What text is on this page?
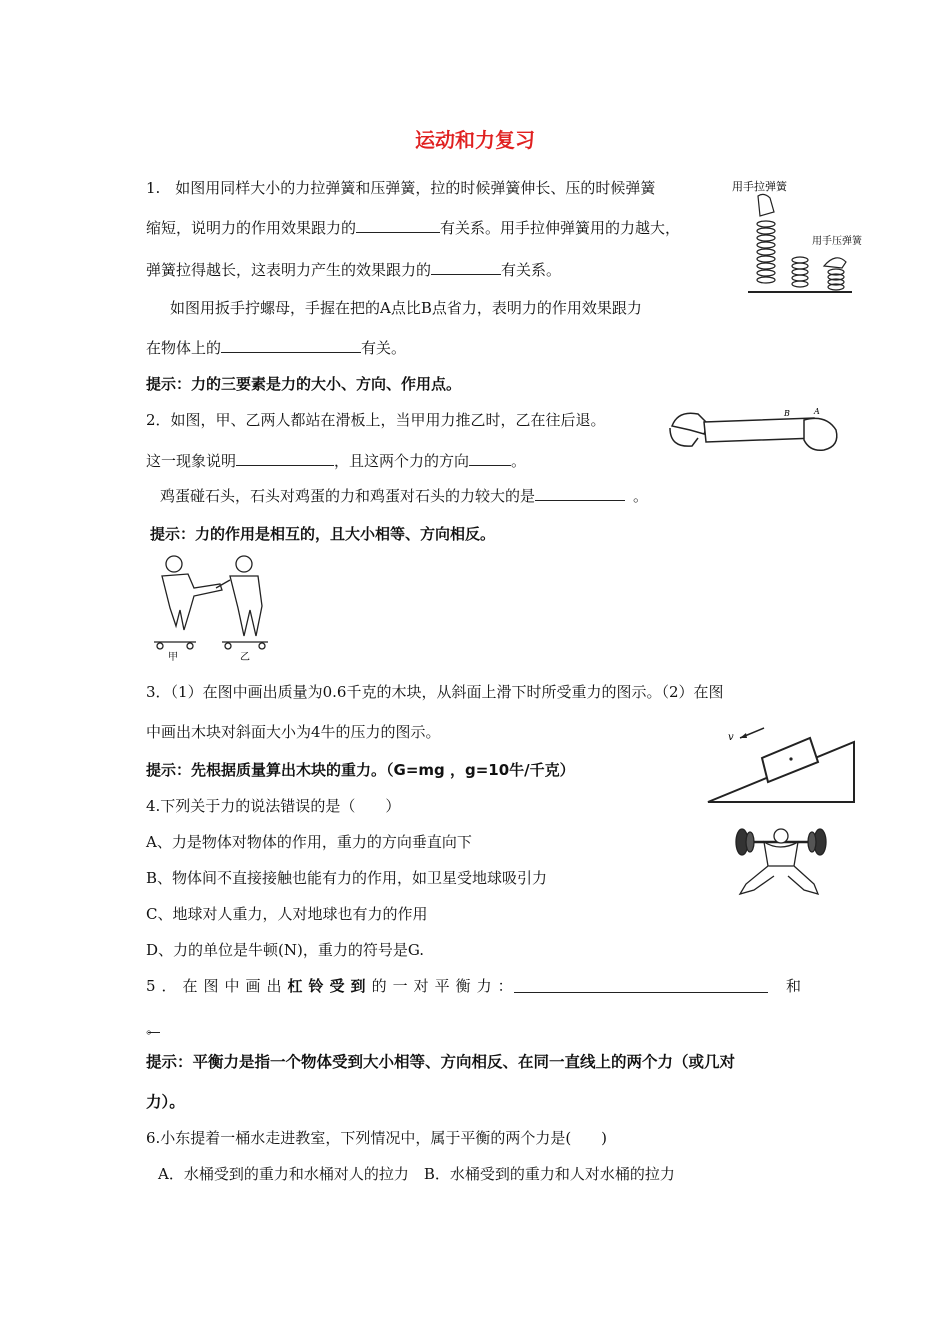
运动和力复习
1.　如图用同样大小的力拉弹簧和压弹簧，拉的时候弹簧伸长、压的时候弹簧
缩短，说明力的作用效果跟力的	有关系。用手拉伸弹簧用的力越大，
弹簧拉得越长，这表明力产生的效果跟力的	有关系。
如图用扳手拧螺母，手握在把的A点比B点省力，表明力的作用效果跟力
在物体上的	有关。
提示：力的三要素是力的大小、方向、作用点。
用手拉弹簧
用手压弹簧
2．如图，甲、乙两人都站在滑板上，当甲用力推乙时，乙在往后退。
这一现象说明	，且这两个力的方向	。
鸡蛋碰石头，石头对鸡蛋的力和鸡蛋对石头的力较大的是	。
提示：力的作用是相互的，且大小相等、方向相反。
B	A
甲	乙
3．（1）在图中画出质量为0.6千克的木块，从斜面上滑下时所受重力的图示。（2）在图
中画出木块对斜面大小为4牛的压力的图示。
提示：先根据质量算出木块的重力。（G=mg ，g=10牛/千克）
v
4.下列关于力的说法错误的是（　　）
A、力是物体对物体的作用，重力的方向垂直向下
B、物体间不直接接触也能有力的作用，如卫星受地球吸引力
C、地球对人重力，人对地球也有力的作用
D、力的单位是牛顿(N)，重力的符号是G.
5．在图中画出杠铃受到的一对平衡力：	和
。
提示：平衡力是指一个物体受到大小相等、方向相反、在同一直线上的两个力（或几对
力）。
6.小东提着一桶水走进教室，下列情况中，属于平衡的两个力是(　　)
A．水桶受到的重力和水桶对人的拉力　B．水桶受到的重力和人对水桶的拉力
